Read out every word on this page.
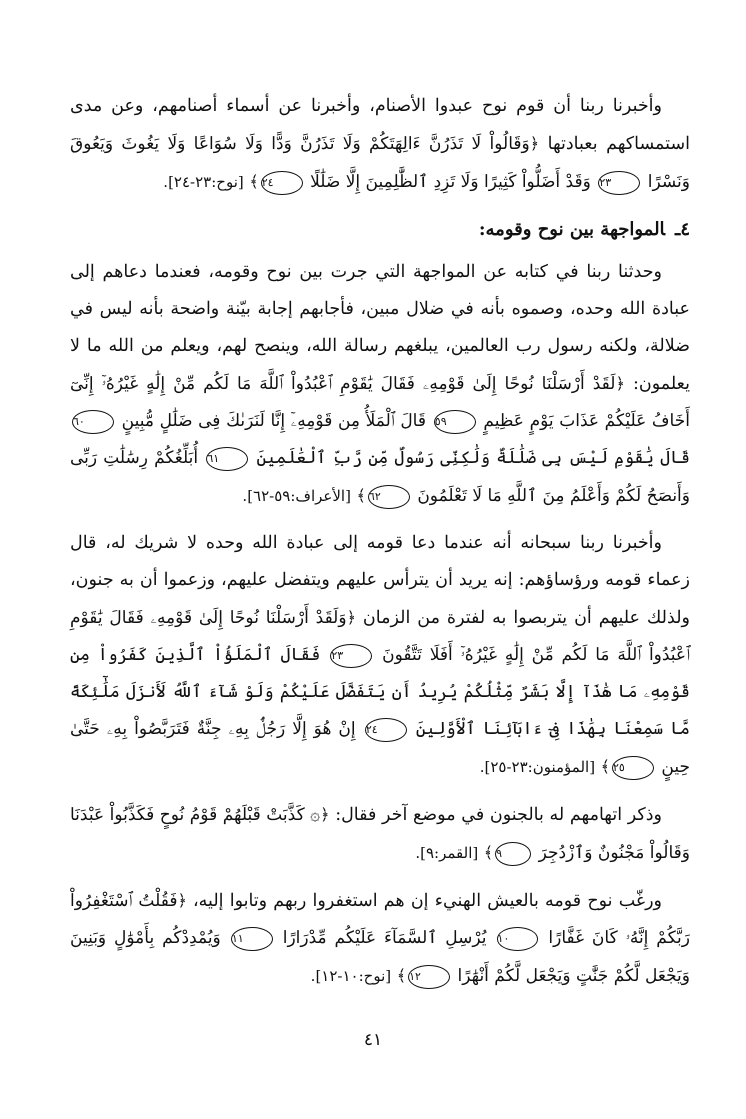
وأخبرنا ربنا أن قوم نوح عبدوا الأصنام، وأخبرنا عن أسماء أصنامهم، وعن مدى استمساكهم بعبادتها ﴿وَقَالُواْ لَا تَذَرُنَّ ءَالِهَتَكُمْ وَلَا تَذَرُنَّ وَدًّا وَلَا سُوَاعًا وَلَا يَغُوثَ وَيَعُوقَ وَنَسْرًا ٢٣ وَقَدْ أَضَلُّواْ كَثِيرًا وَلَا تَزِدِ ٱلظَّٰلِمِينَ إِلَّا ضَلَٰلًا ٢٤﴾ [نوح:٢٣-٢٤].

٤ـالمواجهة بين نوح وقومه:

وحدثنا ربنا في كتابه عن المواجهة التي جرت بين نوح وقومه، فعندما دعاهم إلى عبادة الله وحده، وصموه بأنه في ضلال مبين، فأجابهم إجابة بيّنة واضحة بأنه ليس في ضلالة، ولكنه رسول رب العالمين، يبلغهم رسالة الله، وينصح لهم، ويعلم من الله ما لا يعلمون: ﴿لَقَدْ أَرْسَلْنَا نُوحًا إِلَىٰ قَوْمِهِۦ فَقَالَ يَٰقَوْمِ ٱعْبُدُواْ ٱللَّهَ مَا لَكُم مِّنْ إِلَٰهٍ غَيْرُهُۥٓ إِنِّىٓ أَخَافُ عَلَيْكُمْ عَذَابَ يَوْمٍ عَظِيمٍ ٥٩ قَالَ ٱلْمَلَأُ مِن قَوْمِهِۦٓ إِنَّا لَنَرَىٰكَ فِى ضَلَٰلٍ مُّبِينٍ ٦٠ قَالَ يَٰقَوْمِ لَيْسَ بِى ضَلَٰلَةٌ وَلَٰكِنِّى رَسُولٌ مِّن رَّبِّ ٱلْعَٰلَمِينَ ٦١ أُبَلِّغُكُمْ رِسَٰلَٰتِ رَبِّى وَأَنصَحُ لَكُمْ وَأَعْلَمُ مِنَ ٱللَّهِ مَا لَا تَعْلَمُونَ ٦٢﴾ [الأعراف:٥٩-٦٢].

وأخبرنا ربنا سبحانه أنه عندما دعا قومه إلى عبادة الله وحده لا شريك له، قال زعماء قومه ورؤساؤهم: إنه يريد أن يترأس عليهم ويتفضل عليهم، وزعموا أن به جنون، ولذلك عليهم أن يتربصوا به لفترة من الزمان ﴿وَلَقَدْ أَرْسَلْنَا نُوحًا إِلَىٰ قَوْمِهِۦ فَقَالَ يَٰقَوْمِ ٱعْبُدُواْ ٱللَّهَ مَا لَكُم مِّنْ إِلَٰهٍ غَيْرُهُۥٓ أَفَلَا تَتَّقُونَ ٢٣ فَقَالَ ٱلْمَلَؤُاْ ٱلَّذِينَ كَفَرُواْ مِن قَوْمِهِۦ مَا هَٰذَآ إِلَّا بَشَرٌ مِّثْلُكُمْ يُرِيدُ أَن يَتَفَضَّلَ عَلَيْكُمْ وَلَوْ شَآءَ ٱللَّهُ لَأَنزَلَ مَلَٰٓئِكَةً مَّا سَمِعْنَا بِهَٰذَا فِىٓ ءَابَآئِنَا ٱلْأَوَّلِينَ ٢٤ إِنْ هُوَ إِلَّا رَجُلٌۢ بِهِۦ جِنَّةٌ فَتَرَبَّصُواْ بِهِۦ حَتَّىٰ حِينٍ ٢٥﴾ [المؤمنون:٢٣-٢٥].

وذكر اتهامهم له بالجنون في موضع آخر فقال: ﴿۞ كَذَّبَتْ قَبْلَهُمْ قَوْمُ نُوحٍ فَكَذَّبُواْ عَبْدَنَا وَقَالُواْ مَجْنُونٌ وَٱزْدُجِرَ ٩﴾ [القمر:٩].

ورغّب نوح قومه بالعيش الهنيء إن هم استغفروا ربهم وتابوا إليه، ﴿فَقُلْتُ ٱسْتَغْفِرُواْ رَبَّكُمْ إِنَّهُۥ كَانَ غَفَّارًا ١٠ يُرْسِلِ ٱلسَّمَآءَ عَلَيْكُم مِّدْرَارًا ١١ وَيُمْدِدْكُم بِأَمْوَٰلٍ وَبَنِينَ وَيَجْعَل لَّكُمْ جَنَّٰتٍ وَيَجْعَل لَّكُمْ أَنْهَٰرًا ١٢﴾ [نوح:١٠-١٢].

٤١
